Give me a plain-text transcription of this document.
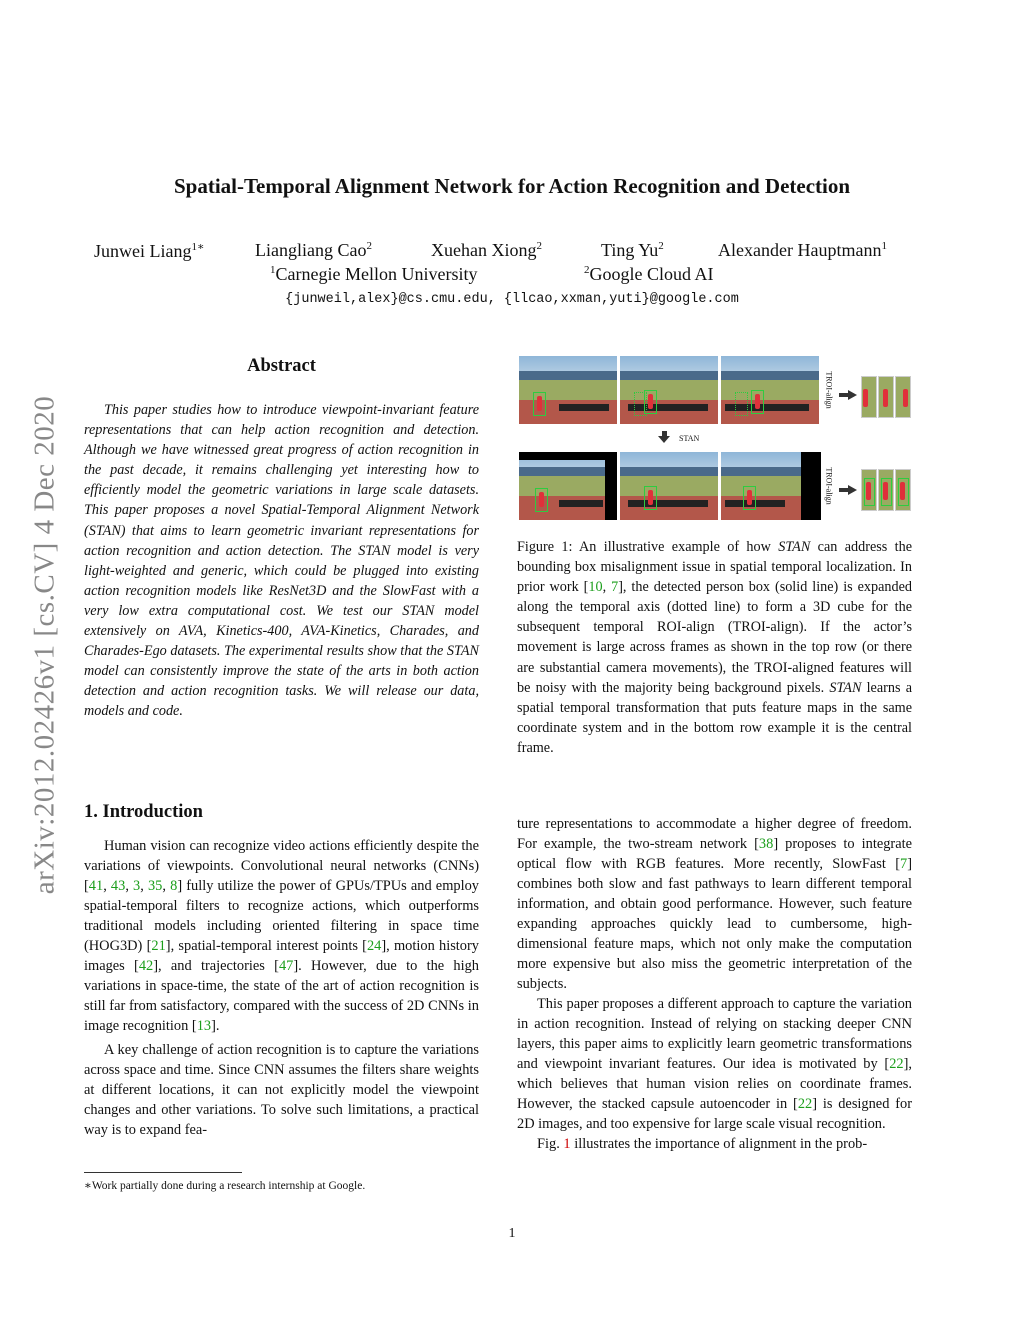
Spatial-Temporal Alignment Network for Action Recognition and Detection
Junwei Liang$^{1∗}$	Liangliang Cao$^2$	Xuehan Xiong$^2$	Ting Yu$^2$	Alexander Hauptmann$^1$
$^1$Carnegie Mellon University	$^2$Google Cloud AI
{junweil,alex}@cs.cmu.edu, {llcao,xxman,yuti}@google.com
arXiv:2012.02426v1 [cs.CV] 4 Dec 2020
Abstract

This paper studies how to introduce viewpoint-invariant feature representations that can help action recognition and detection. Although we have witnessed great progress of action recognition in the past decade, it remains challenging yet interesting how to efficiently model the geometric variations in large scale datasets. This paper proposes a novel Spatial-Temporal Alignment Network (STAN) that aims to learn geometric invariant representations for action recognition and action detection. The STAN model is very light-weighted and generic, which could be plugged into existing action recognition models like ResNet3D and the SlowFast with a very low extra computational cost. We test our STAN model extensively on AVA, Kinetics-400, AVA-Kinetics, Charades, and Charades-Ego datasets. The experimental results show that the STAN model can consistently improve the state of the arts in both action detection and action recognition tasks. We will release our data, models and code.

1. Introduction

Human vision can recognize video actions efficiently despite the variations of viewpoints. Convolutional neural networks (CNNs) [41, 43, 3, 35, 8] fully utilize the power of GPUs/TPUs and employ spatial-temporal filters to recognize actions, which outperforms traditional models including oriented filtering in space time (HOG3D) [21], spatial-temporal interest points [24], motion history images [42], and trajectories [47]. However, due to the high variations in space-time, the state of the art of action recognition is still far from satisfactory, compared with the success of 2D CNNs in image recognition [13].

A key challenge of action recognition is to capture the variations across space and time. Since CNN assumes the filters share weights at different locations, it can not explicitly model the viewpoint changes and other variations. To solve such limitations, a practical way is to expand fea-

ture representations to accommodate a higher degree of freedom. For example, the two-stream network [38] proposes to integrate optical flow with RGB features. More recently, SlowFast [7] combines both slow and fast pathways to learn different temporal information, and obtain good performance. However, such feature expanding approaches quickly lead to cumbersome, high-dimensional feature maps, which not only make the computation more expensive but also miss the geometric interpretation of the subjects.

This paper proposes a different approach to capture the variation in action recognition. Instead of relying on stacking deeper CNN layers, this paper aims to explicitly learn geometric transformations and viewpoint invariant features. Our idea is motivated by [22], which believes that human vision relies on coordinate frames. However, the stacked capsule autoencoder in [22] is designed for 2D images, and too expensive for large scale visual recognition.

Fig. 1 illustrates the importance of alignment in the prob-

TROI-align
STAN
TROI-align

Figure 1: An illustrative example of how STAN can address the bounding box misalignment issue in spatial temporal localization. In prior work [10, 7], the detected person box (solid line) is expanded along the temporal axis (dotted line) to form a 3D cube for the subsequent temporal ROI-align (TROI-align). If the actor’s movement is large across frames as shown in the top row (or there are substantial camera movements), the TROI-aligned features will be noisy with the majority being background pixels. STAN learns a spatial temporal transformation that puts feature maps in the same coordinate system and in the bottom row example it is the central frame.

∗Work partially done during a research internship at Google.
1
